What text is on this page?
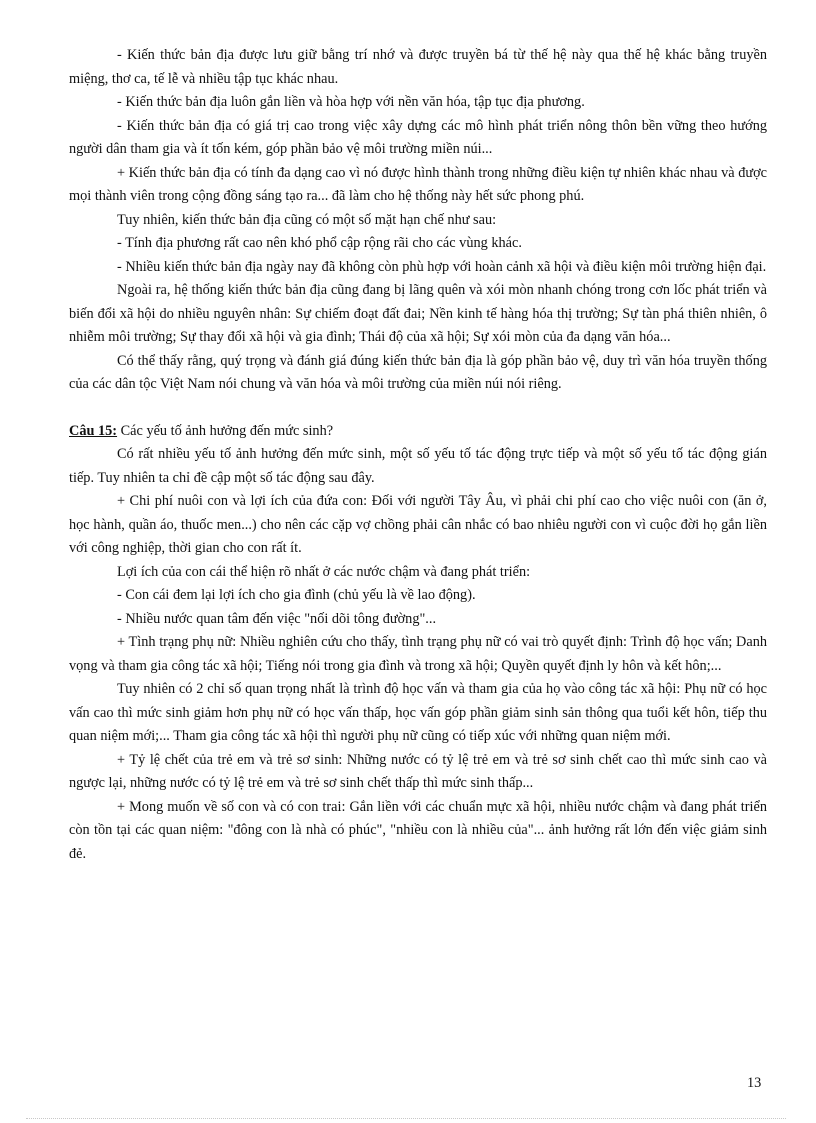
- Kiến thức bản địa được lưu giữ bằng trí nhớ và được truyền bá từ thế hệ này qua thế hệ khác bằng truyền miệng, thơ ca, tế lễ và nhiều tập tục khác nhau.

- Kiến thức bản địa luôn gắn liền và hòa hợp với nền văn hóa, tập tục địa phương.

- Kiến thức bản địa có giá trị cao trong việc xây dựng các mô hình phát triển nông thôn bền vững theo hướng người dân tham gia và ít tốn kém, góp phần bảo vệ môi trường miền núi...

+ Kiến thức bản địa có tính đa dạng cao vì nó được hình thành trong những điều kiện tự nhiên khác nhau và được mọi thành viên trong cộng đồng sáng tạo ra... đã làm cho hệ thống này hết sức phong phú.

Tuy nhiên, kiến thức bản địa cũng có một số mặt hạn chế như sau:

- Tính địa phương rất cao nên khó phổ cập rộng rãi cho các vùng khác.

- Nhiều kiến thức bản địa ngày nay đã không còn phù hợp với hoàn cảnh xã hội và điều kiện môi trường hiện đại.

Ngoài ra, hệ thống kiến thức bản địa cũng đang bị lãng quên và xói mòn nhanh chóng trong cơn lốc phát triển và biến đổi xã hội do nhiều nguyên nhân: Sự chiếm đoạt đất đai; Nền kinh tế hàng hóa thị trường; Sự tàn phá thiên nhiên, ô nhiễm môi trường; Sự thay đổi xã hội và gia đình; Thái độ của xã hội; Sự xói mòn của đa dạng văn hóa...

Có thể thấy rằng, quý trọng và đánh giá đúng kiến thức bản địa là góp phần bảo vệ, duy trì văn hóa truyền thống của các dân tộc Việt Nam nói chung và văn hóa và môi trường của miền núi nói riêng.

Câu 15: Các yếu tố ảnh hưởng đến mức sinh?

Có rất nhiều yếu tố ảnh hưởng đến mức sinh, một số yếu tố tác động trực tiếp và một số yếu tố tác động gián tiếp. Tuy nhiên ta chỉ đề cập một số tác động sau đây.

+ Chi phí nuôi con và lợi ích của đứa con: Đối với người Tây Âu, vì phải chi phí cao cho việc nuôi con (ăn ở, học hành, quần áo, thuốc men...) cho nên các cặp vợ chồng phải cân nhắc có bao nhiêu người con vì cuộc đời họ gắn liền với công nghiệp, thời gian cho con rất ít.

Lợi ích của con cái thể hiện rõ nhất ở các nước chậm và đang phát triển:

- Con cái đem lại lợi ích cho gia đình (chủ yếu là về lao động).

- Nhiều nước quan tâm đến việc "nối dõi tông đường"...

+ Tình trạng phụ nữ: Nhiều nghiên cứu cho thấy, tình trạng phụ nữ có vai trò quyết định: Trình độ học vấn; Danh vọng và tham gia công tác xã hội; Tiếng nói trong gia đình và trong xã hội; Quyền quyết định ly hôn và kết hôn;...

Tuy nhiên có 2 chỉ số quan trọng nhất là trình độ học vấn và tham gia của họ vào công tác xã hội: Phụ nữ có học vấn cao thì mức sinh giảm hơn phụ nữ có học vấn thấp, học vấn góp phần giảm sinh sản thông qua tuổi kết hôn, tiếp thu quan niệm mới;... Tham gia công tác xã hội thì người phụ nữ cũng có tiếp xúc với những quan niệm mới.

+ Tỷ lệ chết của trẻ em và trẻ sơ sinh: Những nước có tỷ lệ trẻ em và trẻ sơ sinh chết cao thì mức sinh cao và ngược lại, những nước có tỷ lệ trẻ em và trẻ sơ sinh chết thấp thì mức sinh thấp...

+ Mong muốn về số con và có con trai: Gắn liền với các chuẩn mực xã hội, nhiều nước chậm và đang phát triển còn tồn tại các quan niệm: "đông con là nhà có phúc", "nhiều con là nhiều của"... ảnh hưởng rất lớn đến việc giảm sinh đẻ.

13
